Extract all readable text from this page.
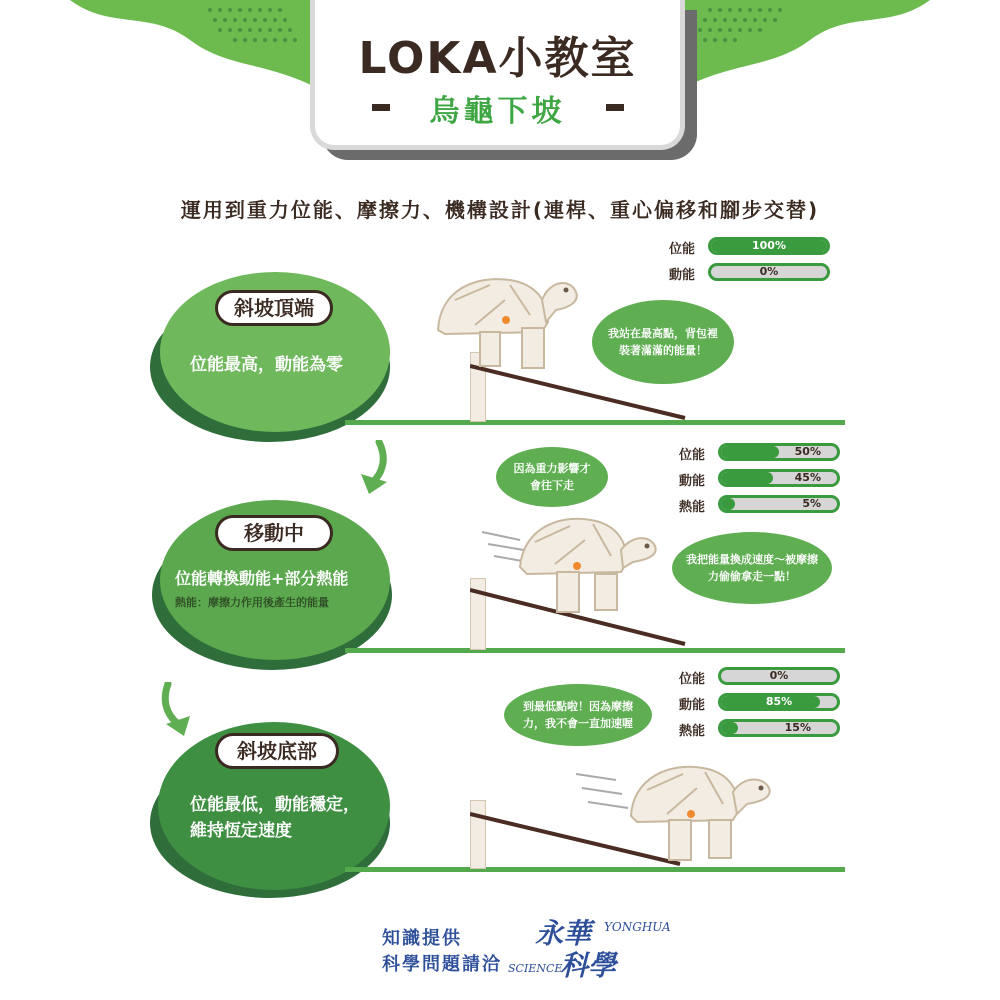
LOKA小教室
烏龜下坡
運用到重力位能、摩擦力、機構設計(連桿、重心偏移和腳步交替)
位能	100%
動能	0%
斜坡頂端
位能最高，動能為零
我站在最高點，背包裡裝著滿滿的能量！
位能	50%
動能	45%
熱能	5%
移動中
位能轉換動能+部分熱能
熱能：摩擦力作用後產生的能量
因為重力影響才會往下走
我把能量換成速度～被摩擦力偷偷拿走一點！
位能	0%
動能	85%
熱能	15%
斜坡底部
位能最低，動能穩定，
維持恆定速度
到最低點啦！因為摩擦力，我不會一直加速喔
知識提供
科學問題請洽
永華 YONGHUA
科學
SCIENCE
